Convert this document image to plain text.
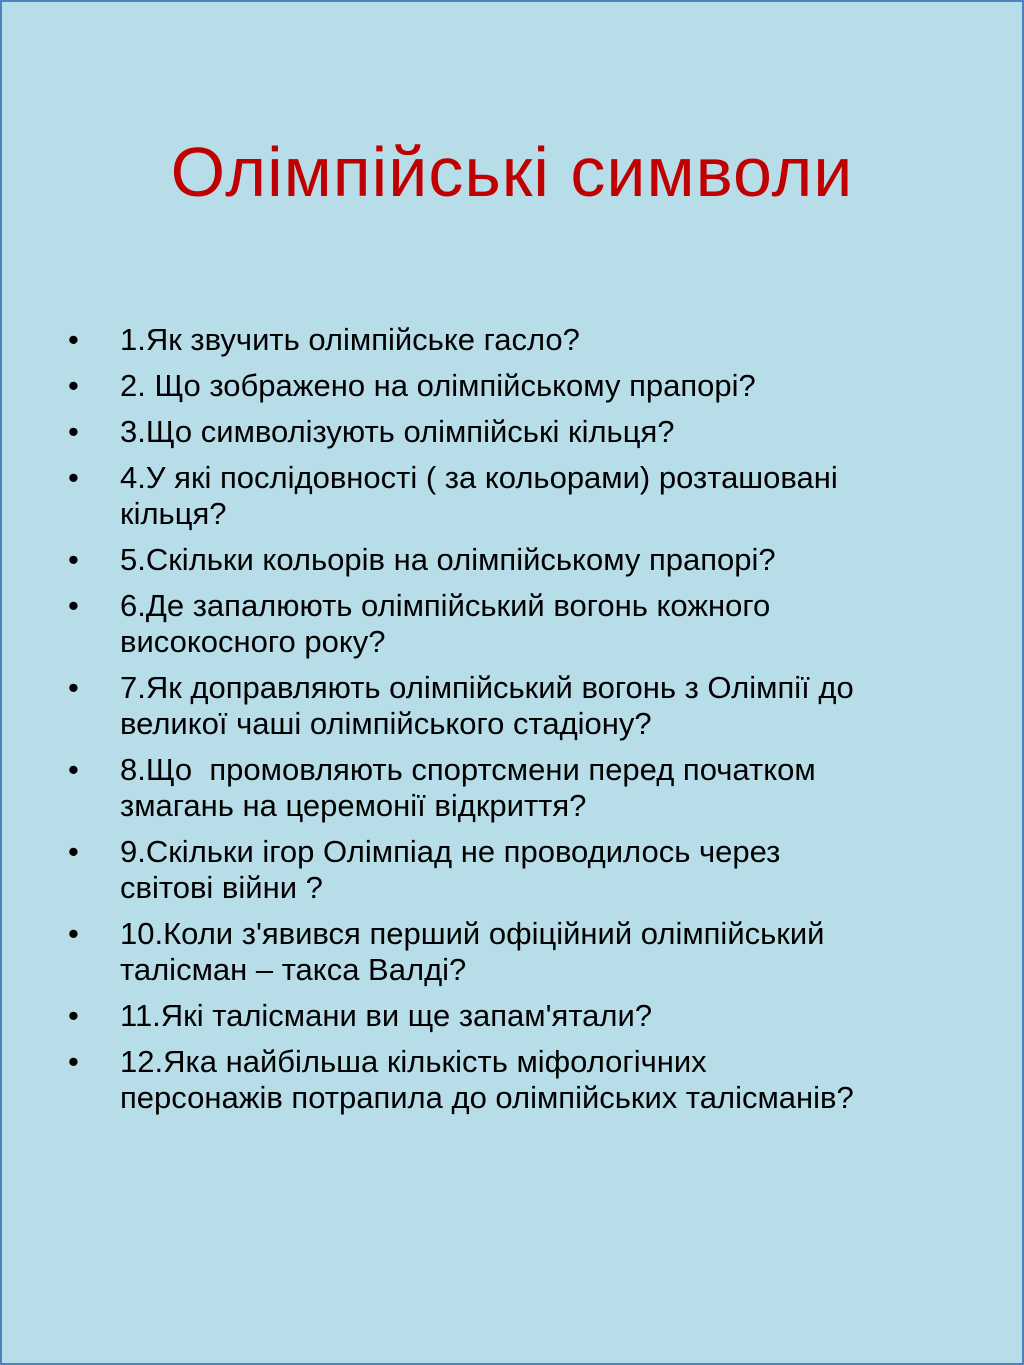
Олімпійські символи
• 1.Як звучить олімпійське гасло?
• 2. Що зображено на олімпійському прапорі?
• 3.Що символізують олімпійські кільця?
• 4.У які послідовності ( за кольорами) розташовані
кільця?
• 5.Скільки кольорів на олімпійському прапорі?
• 6.Де запалюють олімпійський вогонь кожного
високосного року?
• 7.Як доправляють олімпійський вогонь з Олімпії до
великої чаші олімпійського стадіону?
• 8.Що  промовляють спортсмени перед початком
змагань на церемонії відкриття?
• 9.Скільки ігор Олімпіад не проводилось через
світові війни ?
• 10.Коли з'явився перший офіційний олімпійський
талісман – такса Валді?
• 11.Які талісмани ви ще запам'ятали?
• 12.Яка найбільша кількість міфологічних
персонажів потрапила до олімпійських талісманів?
